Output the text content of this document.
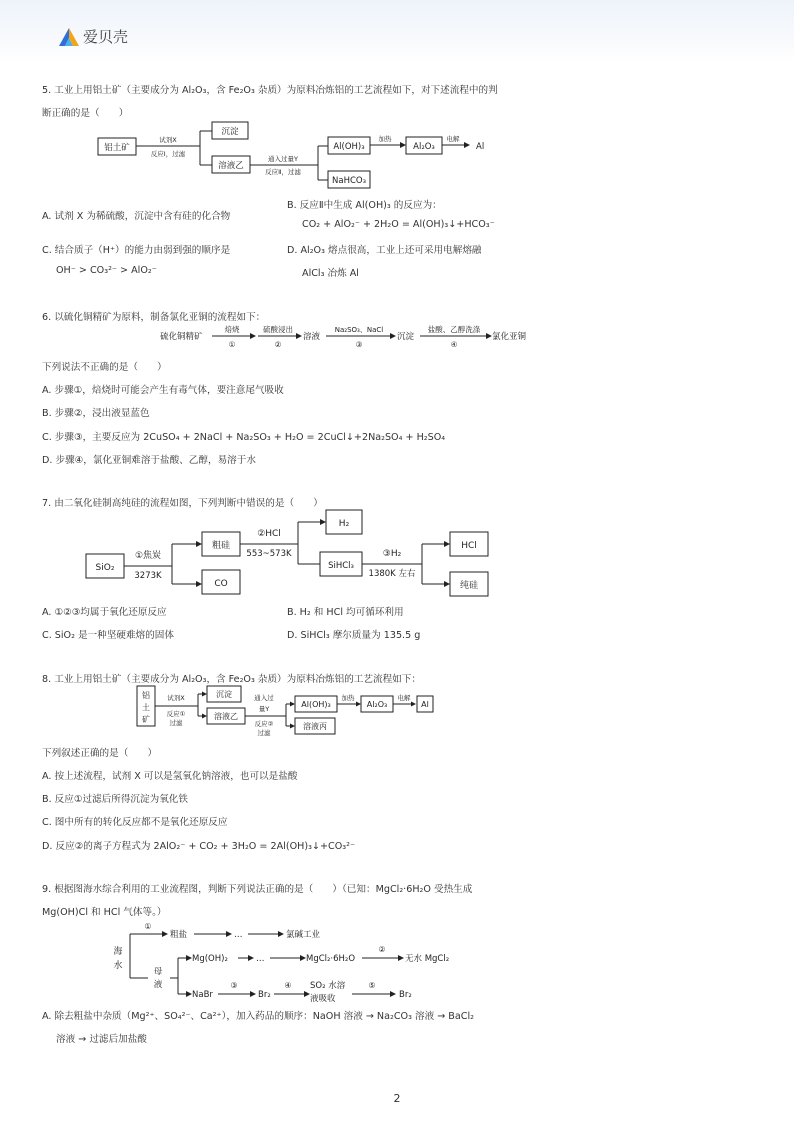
爱贝壳
5. 工业上用铝土矿（主要成分为 Al₂O₃，含 Fe₂O₃ 杂质）为原料冶炼铝的工艺流程如下，对下述流程中的判
断正确的是（　　）
铝土矿
试剂X
反应Ⅰ，过滤
沉淀
溶液乙
通入过量Y
反应Ⅱ，过滤
Al(OH)₃
NaHCO₃
加热
Al₂O₃
电解
Al
A. 试剂 X 为稀硫酸，沉淀中含有硅的化合物
B. 反应Ⅱ中生成 Al(OH)₃ 的反应为：
CO₂ + AlO₂⁻ + 2H₂O = Al(OH)₃↓+HCO₃⁻
C. 结合质子（H⁺）的能力由弱到强的顺序是
OH⁻ > CO₃²⁻ > AlO₂⁻
D. Al₂O₃ 熔点很高，工业上还可采用电解熔融
AlCl₃ 冶炼 Al
6. 以硫化铜精矿为原料，制备氯化亚铜的流程如下：
硫化铜精矿
焙烧
①
硫酸浸出
②
溶液
Na₂SO₃、NaCl
③
沉淀
盐酸、乙醇洗涤
④
氯化亚铜
下列说法不正确的是（　　）
A. 步骤①，焙烧时可能会产生有毒气体，要注意尾气吸收
B. 步骤②，浸出液显蓝色
C. 步骤③，主要反应为 2CuSO₄ + 2NaCl + Na₂SO₃ + H₂O = 2CuCl↓+2Na₂SO₄ + H₂SO₄
D. 步骤④，氯化亚铜难溶于盐酸、乙醇，易溶于水
7. 由二氧化硅制高纯硅的流程如图，下列判断中错误的是（　　）
SiO₂
①焦炭
3273K
粗硅
CO
②HCl
553~573K
H₂
SiHCl₃
③H₂
1380K 左右
HCl
纯硅
A. ①②③均属于氧化还原反应	B. H₂ 和 HCl 均可循环利用
C. SiO₂ 是一种坚硬难熔的固体	D. SiHCl₃ 摩尔质量为 135.5 g
8. 工业上用铝土矿（主要成分为 Al₂O₃，含 Fe₂O₃ 杂质）为原料冶炼铝的工艺流程如下：
铝
土
矿
试剂X
反应①
过滤
沉淀
溶液乙
通入过
量Y
反应②
过滤
Al(OH)₃
溶液丙
加热
Al₂O₃
电解
Al
下列叙述正确的是（　　）
A. 按上述流程，试剂 X 可以是氢氧化钠溶液，也可以是盐酸
B. 反应①过滤后所得沉淀为氧化铁
C. 图中所有的转化反应都不是氧化还原反应
D. 反应②的离子方程式为 2AlO₂⁻ + CO₂ + 3H₂O = 2Al(OH)₃↓+CO₃²⁻
9. 根据图海水综合利用的工业流程图，判断下列说法正确的是（　　）（已知：MgCl₂·6H₂O 受热生成
Mg(OH)Cl 和 HCl 气体等。）
海
水
①
粗盐	…	氯碱工业
母
液
Mg(OH)₂	…	MgCl₂·6H₂O
②
无水 MgCl₂
NaBr
③
Br₂
④ SO₂ 水溶
液吸收
⑤
Br₂
A. 除去粗盐中杂质（Mg²⁺、SO₄²⁻、Ca²⁺），加入药品的顺序：NaOH 溶液 → Na₂CO₃ 溶液 → BaCl₂
溶液 → 过滤后加盐酸
2
